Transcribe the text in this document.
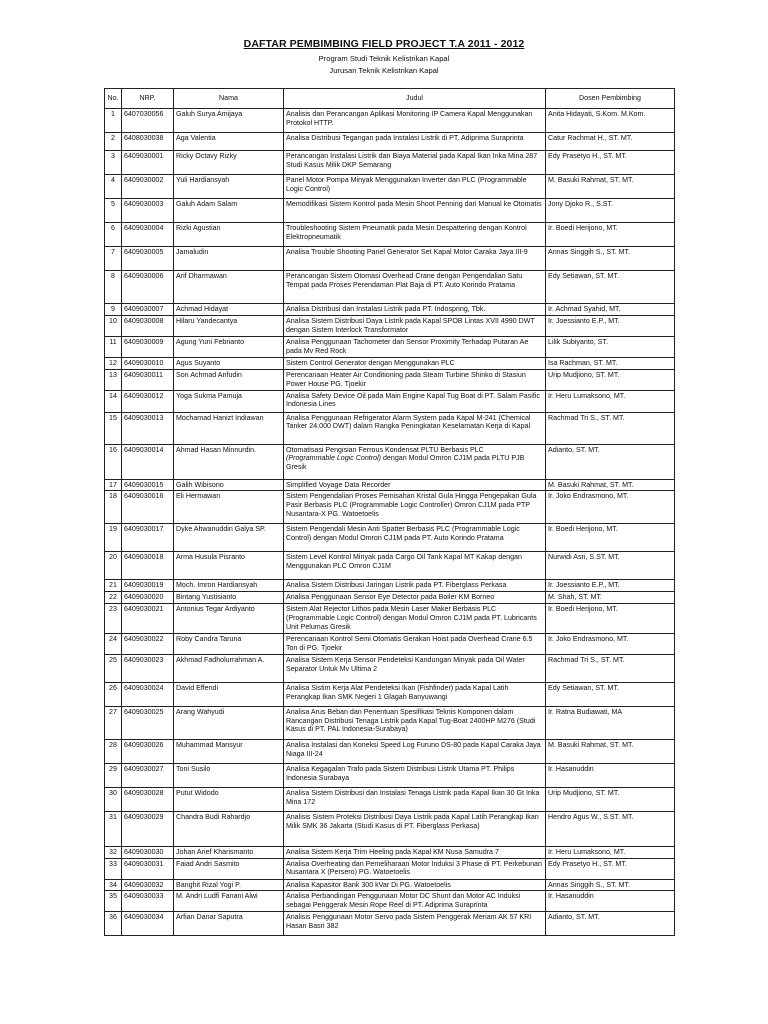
DAFTAR PEMBIMBING FIELD PROJECT T.A 2011 - 2012
Program Studi Teknik Kelistrikan Kapal
Jurusan Teknik Kelistrikan Kapal
No.	NRP.	Nama	Judul	Dosen Pembimbing
1	6407030056	Galuh Surya Amijaya	Analisis dan Perancangan Aplikasi Monitoring IP Camera Kapal Menggunakan Protokol HTTP.	Anita Hidayati, S.Kom. M.Kom.
2	6408030038	Aga Valentia	Analisa Distribusi Tegangan pada Instalasi Listrik di PT. Adiprima Suraprinta	Catur Rachmat H., ST. MT.
3	6409030001	Ricky Octavy Rizky	Perancangan Instalasi Listrik dan Biaya Material pada Kapal Ikan Inka Mina 287 Studi Kasus Milik DKP Semarang	Edy Prasetyo H., ST. MT.
4	6409030002	Yuli Hardiansyah	Panel Motor Pompa Minyak Menggunakan Inverter dan PLC (Programmable Logic Control)	M. Basuki Rahmat, ST. MT.
5	6409030003	Galuh Adam Salam	Memodifikasi Sistem Kontrol pada Mesin Shoot Penning dari Manual ke Otomatis	Jony Djoko R., S.ST.
6	6409030004	Rizki Agustian	Troubleshooting Sistem Pneumatik pada Mesin Despattering dengan Kontrol Elektropneumatik	Ir. Boedi Herijono, MT.
7	6409030005	Jamaludin	Analisa Trouble Shooting Panel Generator Set Kapal Motor Caraka Jaya III-9	Annas Singgih S., ST. MT.
8	6409030006	Arif Dharmawan	Perancangan Sistem Otomasi Overhead Crane dengan Pengendalian Satu Tempat pada Proses Perendaman Plat Baja di PT. Auto Korindo Pratama	Edy Setiawan, ST. MT.
9	6409030007	Achmad Hidayat	Analisa Distribusi dan Instalasi Listrik pada PT. Indospring, Tbk.	Ir. Achmad Syahid, MT.
10	6409030008	Hilaru Yandecantya	Analisa Sistem Distribusi Daya Listrik pada Kapal SPOB Lintas XVII 4990 DWT dengan Sistem Interlock Transformator	Ir. Joessianto E.P., MT.
11	6409030009	Agung Yuni Febrianto	Analisa Penggunaan Tachometer dan Sensor Proximity Terhadap Putaran Ae pada Mv Red Rock	Lilik Subiyanto, ST.
12	6409030010	Agus Suyanto	Sistem Control Generator dengan Menggunakan PLC	Isa Rachman, ST. MT.
13	6409030011	Son Achmad Anfudin	Perencanaan Heater Air Conditioning pada Steam Turbine Shinko di Stasiun Power House PG. Tjoekir	Urip Mudjiono, ST. MT.
14	6409030012	Yoga Sukma Pamuja	Analisa Safety Device Oil pada Main Engine Kapal Tug Boat di PT. Salam Pasific Indonesia Lines	Ir. Heru Lumaksono, MT.
15	6409030013	Mochamad Hanizt Indiawan	Analisa Penggunaan Refrigerator Alarm System pada Kapal M-241 (Chemical Tanker 24.000 DWT) dalam Rangka Peningkatan Keselamatan Kerja di Kapal	Rachmad Tri S., ST. MT.
16	6409030014	Ahmad Hasan Minnurdin.	Otomatisasi Pengisian Ferrous Kondensat PLTU Berbasis PLC
(Programmable Logic Control) dengan Modul Omron CJ1M pada PLTU PJB Gresik	Adianto, ST. MT.
17	6409030015	Galih Wibisono	Simplified Voyage Data Recorder	M. Basuki Rahmat, ST. MT.
18	6409030016	Eli Hermawan	Sistem Pengendalian Proses Pemisahan Kristal Gula Hingga Pengepakan Gula Pasir Berbasis PLC (Programmable Logic Controller) Omron CJ1M pada PTP Nusantara-X PG. Watoetoelis	Ir. Joko Endrasmono, MT.
19	6409030017	Dyke Ahwanuddin Galya SP.	Sistem Pengendali Mesin Anti Spatter Berbasis PLC (Programmable Logic Control) dengan Modul Omron CJ1M pada PT. Auto Korindo Pratama	Ir. Boedi Herijono, MT.
20	6409030018	Arma Husula Pisranto	Sistem Level Kontrol Minyak pada Cargo Oil Tank Kapal MT Kakap dengan Menggunakan PLC Omron CJ1M	Nurwidi Asri, S.ST. MT.
21	6409030019	Moch. Imron Hardiansyah	Analisa Sistem Distribusi Jaringan Listrik pada PT. Fiberglass Perkasa	Ir. Joessianto E.P., MT.
22	6409030020	Bintang Yustisianto	Analisa Penggunaan Sensor Eye Detector pada Boiler KM Borneo	M. Shah, ST. MT.
23	6409030021	Antonius Tegar Ardiyanto	Sistem Alat Rejector Lithos pada Mesin Laser Maker Berbasis PLC (Programmable Logic Control) dengan Modul Omron CJ1M pada PT. Lubricants Unit Pelumas Gresik	Ir. Boedi Herijono, MT.
24	6409030022	Roby Candra Taruna	Perencanaan Kontrol Semi Otomatis Gerakan Hoist pada Overhead Crane 6.5 Ton di PG. Tjoekir	Ir. Joko Endrasmono, MT.
25	6409030023	Akhmad Fadholurrahman A.	Analisa Sistem Kerja Sensor Pendeteksi Kandungan Minyak pada Oil Water Separator Untuk Mv Ultima 2	Rachmad Tri S., ST. MT.
26	6409030024	David Effendi	Analisa Sistim Kerja Alat Pendeteksi Ikan (Fishfinder) pada Kapal Latih Perangkap Ikan SMK Negeri 1 Glagah Banyuwangi	Edy Setiawan, ST. MT.
27	6409030025	Arang Wahyudi	Analisa Arus Beban dan Penentuan Spesifikasi Teknis Komponen dalam Rancangan Distribusi Tenaga Listrik pada Kapal Tug-Boat 2400HP M276 (Studi Kasus di PT. PAL Indonesia-Surabaya)	Ir. Ratna Budiawati, MA
28	6409030026	Muhammad Mansyur	Analisa Instalasi dan Koneksi Speed Log Furuno DS-80 pada Kapal Caraka Jaya Niaga III-24	M. Basuki Rahmat, ST. MT.
29	6409030027	Toni Susilo	Analisa Kegagalan Trafo pada Sistem Distribusi Listrik Utama PT. Philips Indonesia Surabaya	Ir. Hasanuddin
30	6409030028	Putut Widodo	Analisa Sistem Distribusi dan Instalasi Tenaga Listrik pada Kapal Ikan 30 Gt Inka Mina 172	Urip Mudjiono, ST. MT.
31	6409030029	Chandra Budi Rahardjo	Analisis Sistem Proteksi Distribusi Daya Listrik pada Kapal Latih Perangkap Ikan Milik SMK 36 Jakarta (Studi Kasus di PT. Fiberglass Perkasa)	Hendro Agus W., S.ST. MT.
32	6409030030	Johan Arief Kharismanto	Analisa Sistem Kerja Trim Heeling pada Kapal KM Nusa Samudra 7	Ir. Heru Lumaksono, MT.
33	6409030031	Faiad Andri Sasmito	Analisa Overheating dan Pemeliharaan Motor Induksi 3 Phase di PT. Perkebunan Nusantara X (Persero) PG. Watoetoelis	Edy Prasetyo H., ST. MT.
34	6409030032	Banghit Rizal Yogi P.	Analisa Kapasitor Bank 300 kVar Di PG. Watoetoelis	Annas Singgih S., ST. MT.
35	6409030033	M. Andri Ludfi Fanani Alwi	Analisa Perbandingan Penggunaan Motor DC Shunt dan Motor AC Induksi sebagai Penggerak Mesin Rope Reel di PT. Adiprima Suraprinta	Ir. Hasanuddin
36	6409030034	Arfian Danar Saputra	Analisis Penggunaan Motor Servo pada Sistem Penggerak Meriam AK 57 KRI Hasan Basri 382	Adianto, ST. MT.
